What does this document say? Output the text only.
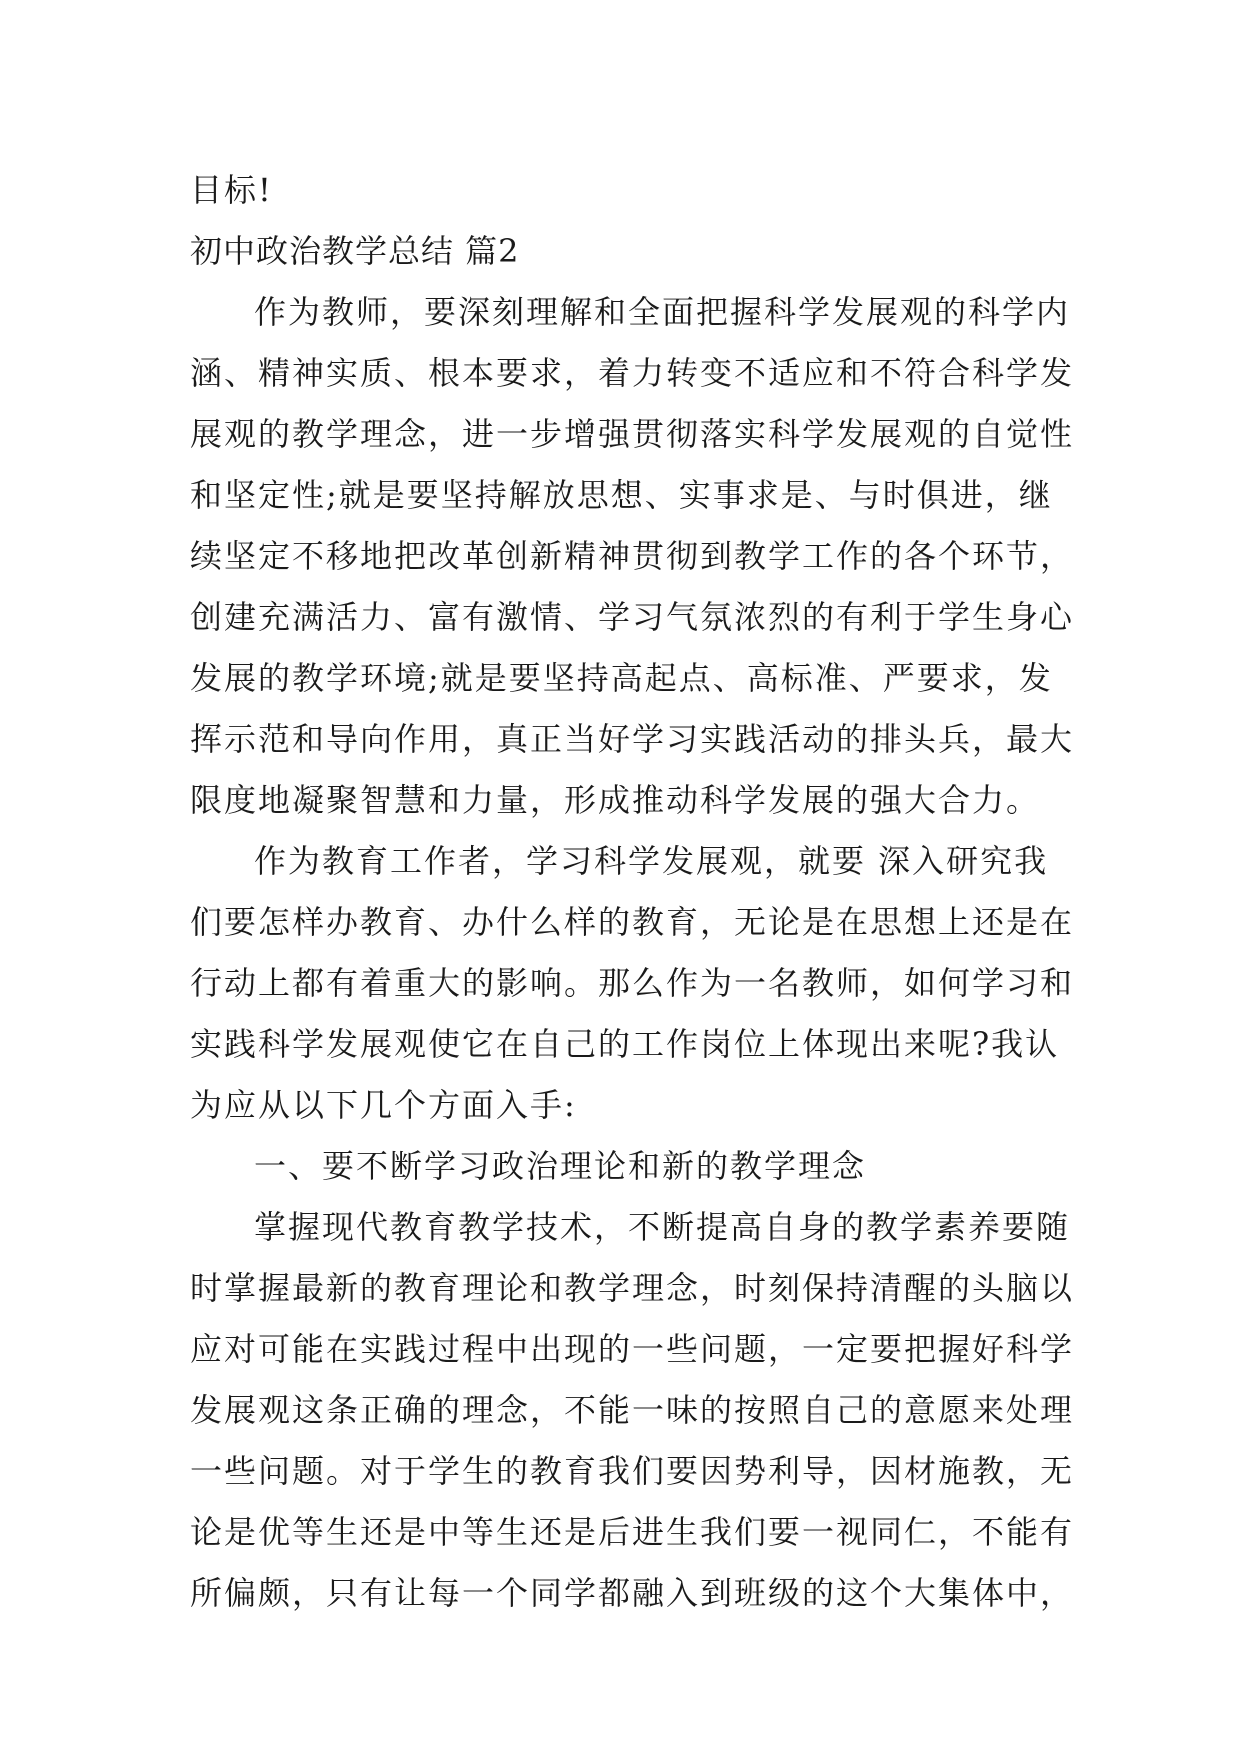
目标!
初中政治教学总结 篇2
作为教师，要深刻理解和全面把握科学发展观的科学内
涵、精神实质、根本要求，着力转变不适应和不符合科学发
展观的教学理念，进一步增强贯彻落实科学发展观的自觉性
和坚定性;就是要坚持解放思想、实事求是、与时俱进，继
续坚定不移地把改革创新精神贯彻到教学工作的各个环节，
创建充满活力、富有激情、学习气氛浓烈的有利于学生身心
发展的教学环境;就是要坚持高起点、高标准、严要求，发
挥示范和导向作用，真正当好学习实践活动的排头兵，最大
限度地凝聚智慧和力量，形成推动科学发展的强大合力。
作为教育工作者，学习科学发展观，就要 深入研究我
们要怎样办教育、办什么样的教育，无论是在思想上还是在
行动上都有着重大的影响。那么作为一名教师，如何学习和
实践科学发展观使它在自己的工作岗位上体现出来呢?我认
为应从以下几个方面入手:
一、要不断学习政治理论和新的教学理念
掌握现代教育教学技术，不断提高自身的教学素养要随
时掌握最新的教育理论和教学理念，时刻保持清醒的头脑以
应对可能在实践过程中出现的一些问题，一定要把握好科学
发展观这条正确的理念，不能一味的按照自己的意愿来处理
一些问题。对于学生的教育我们要因势利导，因材施教，无
论是优等生还是中等生还是后进生我们要一视同仁，不能有
所偏颇，只有让每一个同学都融入到班级的这个大集体中，
